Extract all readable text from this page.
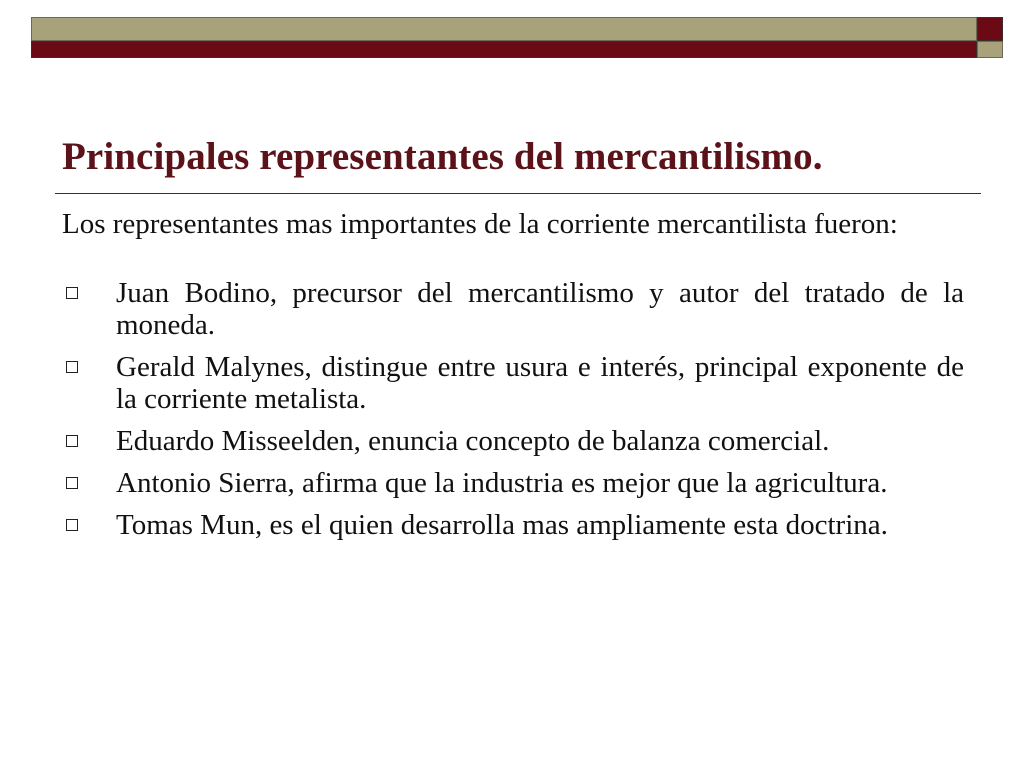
Principales representantes del mercantilismo.

Los representantes mas importantes de la corriente mercantilista fueron:

Juan Bodino, precursor del mercantilismo y autor del tratado de la moneda.
Gerald Malynes, distingue entre usura e interés, principal exponente de la corriente metalista.
Eduardo Misseelden, enuncia concepto de balanza comercial.
Antonio Sierra, afirma que la industria es mejor que la agricultura.
Tomas Mun, es el quien desarrolla mas ampliamente esta doctrina.
